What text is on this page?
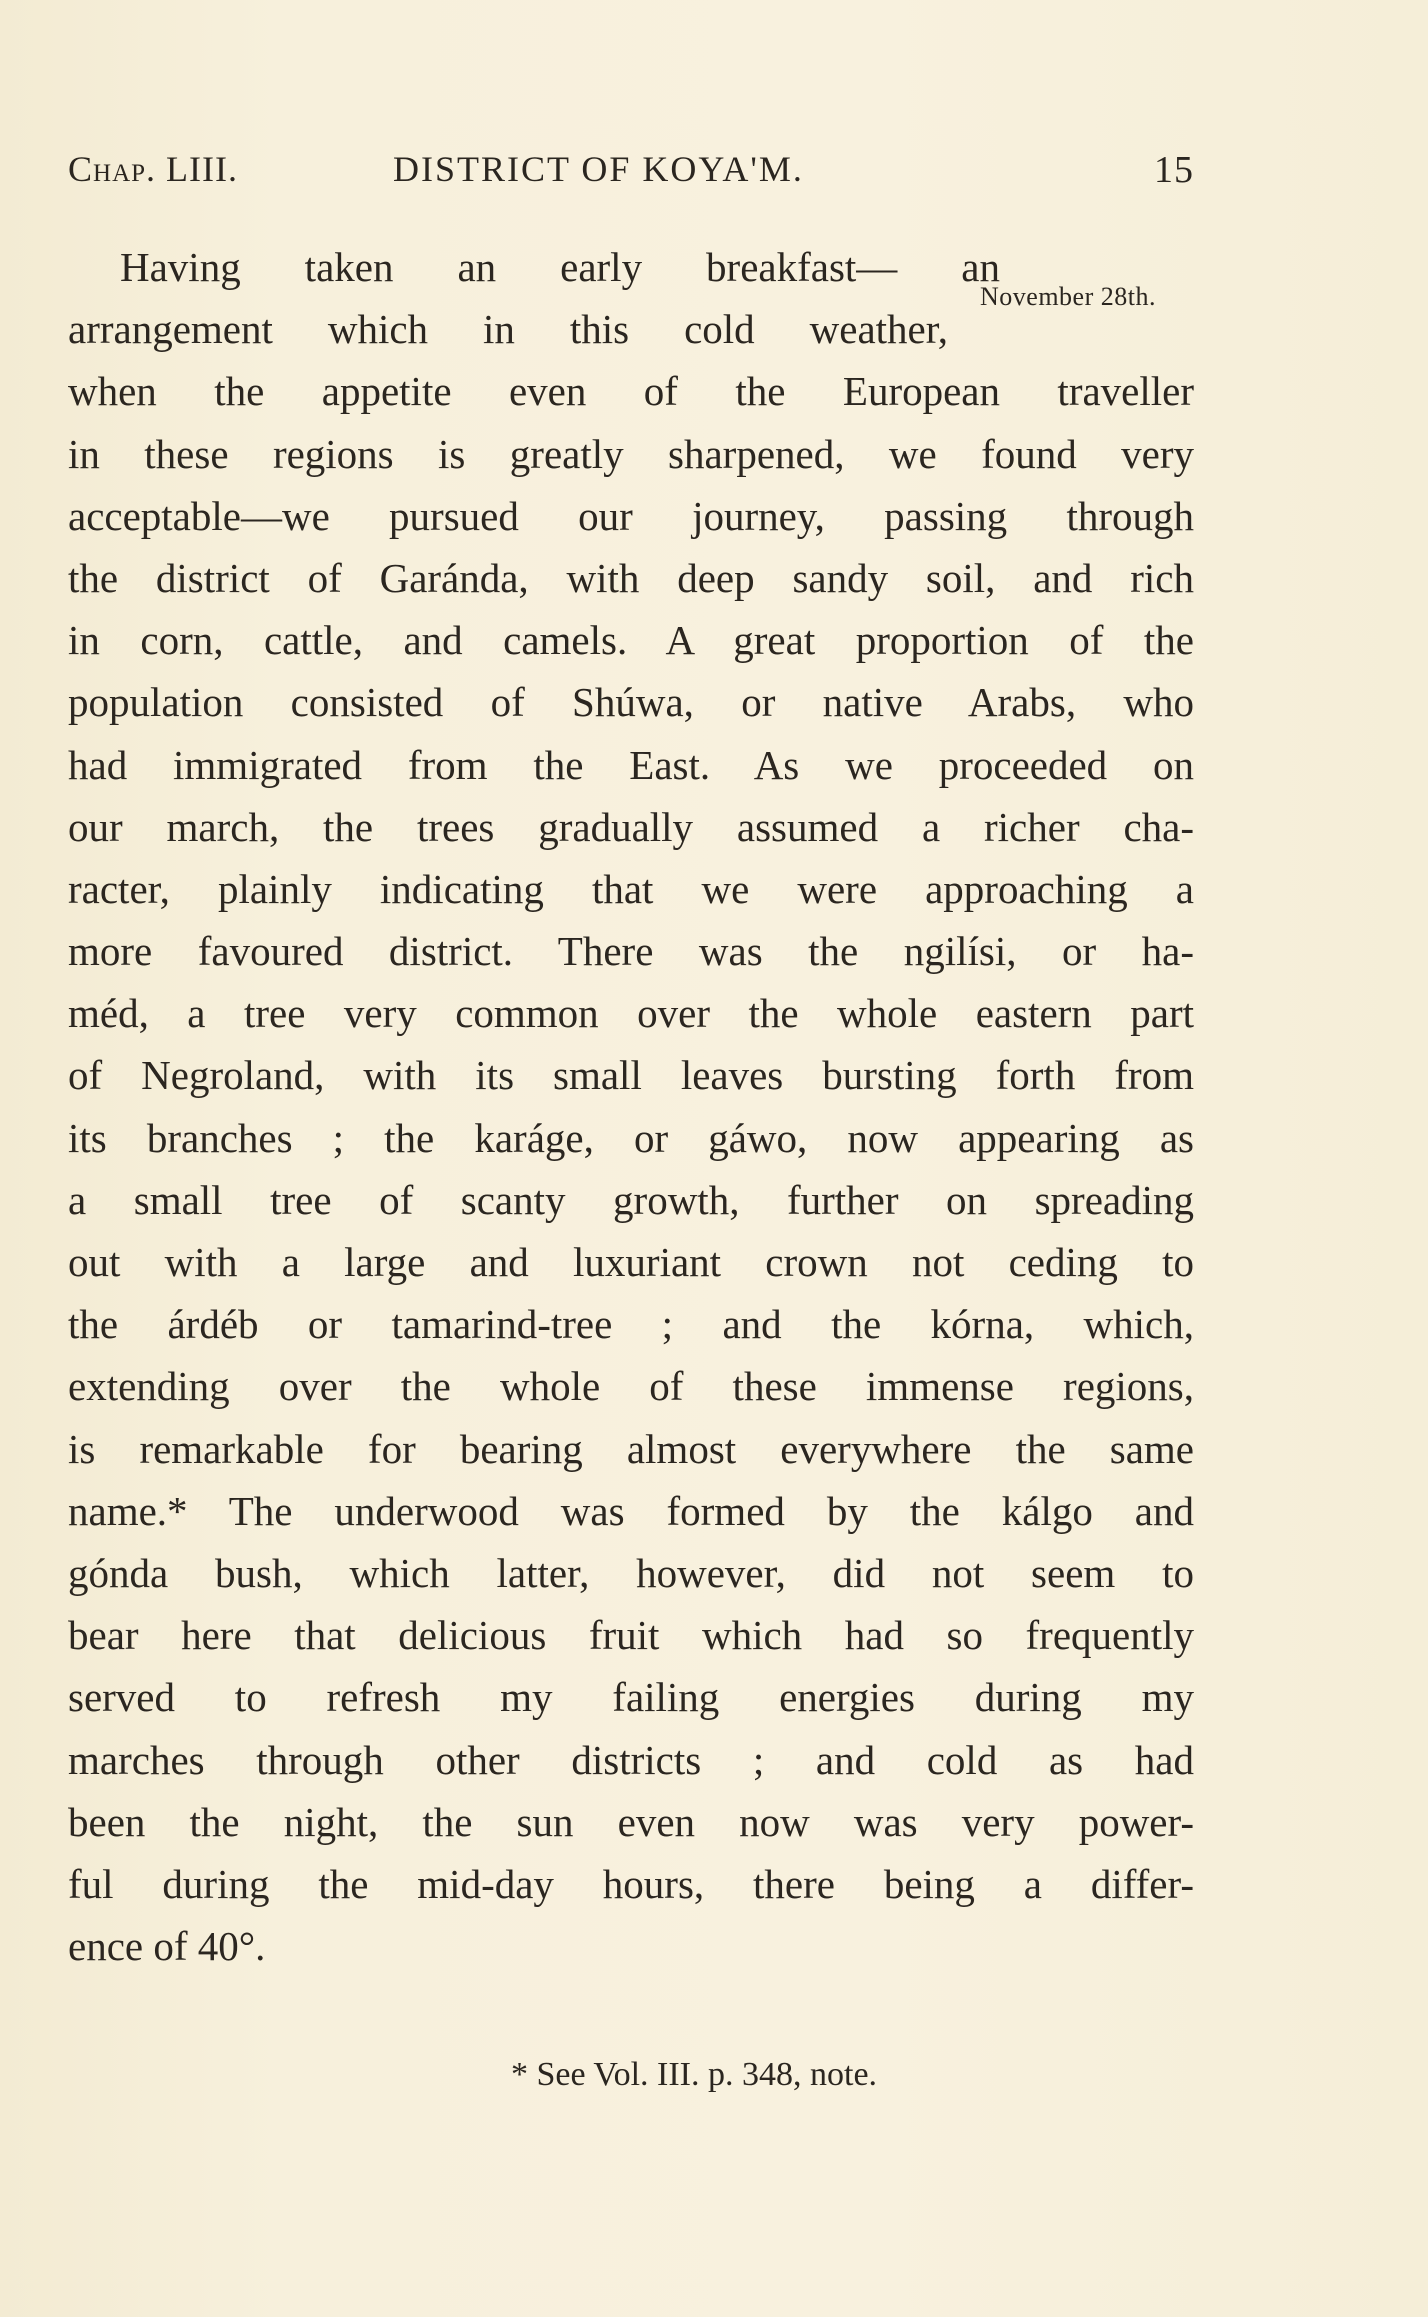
Chap. LIII.	DISTRICT OF KOYA'M.	15
November 28th.
Having taken an early breakfast— an
arrangement which in this cold weather,
when the appetite even of the European traveller
in these regions is greatly sharpened, we found very
acceptable—we pursued our journey, passing through
the district of Garánda, with deep sandy soil, and rich
in corn, cattle, and camels. A great proportion of the
population consisted of Shúwa, or native Arabs, who
had immigrated from the East. As we proceeded on
our march, the trees gradually assumed a richer cha-
racter, plainly indicating that we were approaching a
more favoured district. There was the ngilísi, or ha-
méd, a tree very common over the whole eastern part
of Negroland, with its small leaves bursting forth from
its branches ; the karáge, or gáwo, now appearing as
a small tree of scanty growth, further on spreading
out with a large and luxuriant crown not ceding to
the árdéb or tamarind-tree ; and the kórna, which,
extending over the whole of these immense regions,
is remarkable for bearing almost everywhere the same
name.* The underwood was formed by the kálgo and
gónda bush, which latter, however, did not seem to
bear here that delicious fruit which had so frequently
served to refresh my failing energies during my
marches through other districts ; and cold as had
been the night, the sun even now was very power-
ful during the mid-day hours, there being a differ-
ence of 40°.
* See Vol. III. p. 348, note.
